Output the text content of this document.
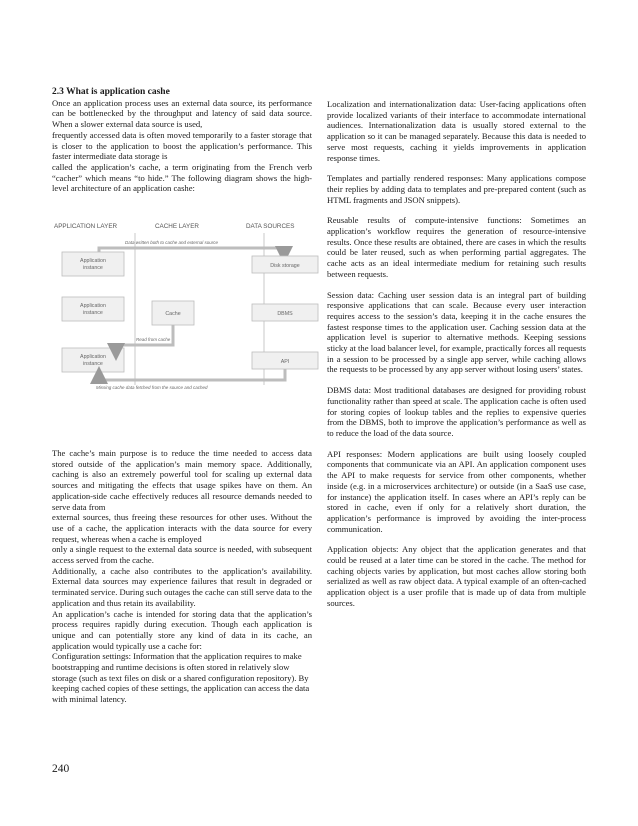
2.3 What is application cashe

Once an application process uses an external data source, its performance can be bottlenecked by the throughput and latency of said data source. When a slower external data source is used,

frequently accessed data is often moved temporarily to a faster storage that is closer to the application to boost the application’s performance. This faster intermediate data storage is

called the application’s cache, a term originating from the French verb “cacher” which means “to hide.” The following diagram shows the high-level architecture of an application cashe:

APPLICATION LAYER	CACHE LAYER	DATA SOURCES
Data written both to cache and external source
Application
instance
Application
instance
Application
instance
Cache
Disk storage
DBMS
API
Read from cache
Missing cache data fetched from the source and cached

The cache’s main purpose is to reduce the time needed to access data stored outside of the application’s main memory space. Additionally, caching is also an extremely powerful tool for scaling up external data sources and mitigating the effects that usage spikes have on them. An application-side cache effectively reduces all resource demands needed to serve data from

external sources, thus freeing these resources for other uses. Without the use of a cache, the application interacts with the data source for every request, whereas when a cache is employed

only a single request to the external data source is needed, with subsequent access served from the cache.

Additionally, a cache also contributes to the application’s availability. External data sources may experience failures that result in degraded or terminated service. During such outages the cache can still serve data to the application and thus retain its availability.

An application’s cache is intended for storing data that the application’s process requires rapidly during execution. Though each application is unique and can potentially store any kind of data in its cache, an application would typically use a cache for:

Configuration settings: Information that the application requires to make bootstrapping and runtime decisions is often stored in relatively slow storage (such as text files on disk or a shared configuration repository). By keeping cached copies of these settings, the application can access the data with minimal latency.

Localization and internationalization data: User-facing applications often provide localized variants of their interface to accommodate international audiences. Internationalization data is usually stored external to the application so it can be managed separately. Because this data is needed to serve most requests, caching it yields improvements in application response times.

Templates and partially rendered responses: Many applications compose their replies by adding data to templates and pre-prepared content (such as HTML fragments and JSON snippets).

Reusable results of compute-intensive functions: Sometimes an application’s workflow requires the generation of resource-intensive results. Once these results are obtained, there are cases in which the results could be later reused, such as when performing partial aggregates. The cache acts as an ideal intermediate medium for retaining such results between requests.

Session data: Caching user session data is an integral part of building responsive applications that can scale. Because every user interaction requires access to the session’s data, keeping it in the cache ensures the fastest response times to the application user. Caching session data at the application level is superior to alternative methods. Keeping sessions sticky at the load balancer level, for example, practically forces all requests in a session to be processed by a single app server, while caching allows the requests to be processed by any app server without losing users’ states.

DBMS data: Most traditional databases are designed for providing robust functionality rather than speed at scale. The application cache is often used for storing copies of lookup tables and the replies to expensive queries from the DBMS, both to improve the application’s performance as well as to reduce the load of the data source.

API responses: Modern applications are built using loosely coupled components that communicate via an API. An application component uses the API to make requests for service from other components, whether inside (e.g. in a microservices architecture) or outside (in a SaaS use case, for instance) the application itself. In cases where an API’s reply can be stored in cache, even if only for a relatively short duration, the application’s performance is improved by avoiding the inter-process communication.

Application objects: Any object that the application generates and that could be reused at a later time can be stored in the cache. The method for caching objects varies by application, but most caches allow storing both serialized as well as raw object data. A typical example of an often-cached application object is a user profile that is made up of data from multiple sources.

240
